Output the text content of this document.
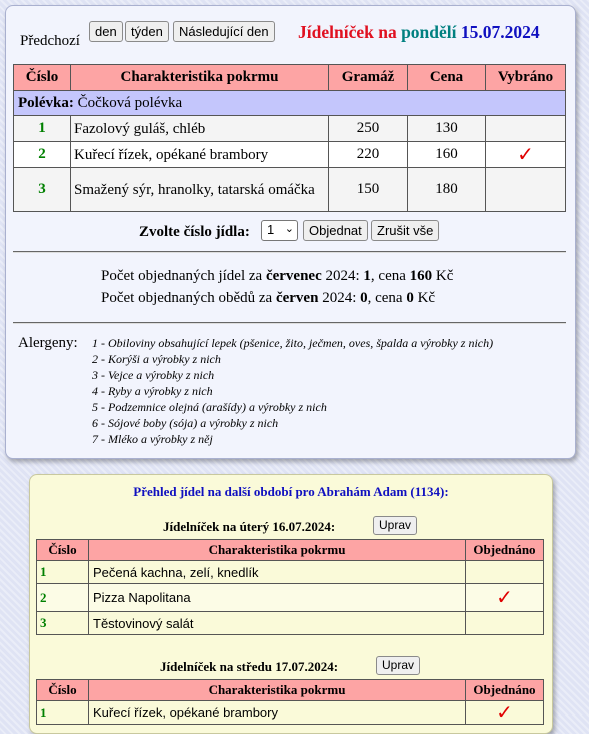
Předchozí
den	týden	Následující den	Jídelníček na pondělí 15.07.2024
Polévka: Čočková polévka				
Číslo	Charakteristika pokrmu	Gramáž	Cena	Vybráno
1	Fazolový guláš, chléb	250	130	
2	Kuřecí řízek, opékané brambory	220	160	✓
3	Smažený sýr, hranolky, tatarská omáčka	150	180	
Zvolte číslo jídla:	1 ⌄	Objednat	Zrušit vše
Počet objednaných jídel za červenec 2024: 1, cena 160 Kč
Počet objednaných obědů za červen 2024: 0, cena 0 Kč
Alergeny: 1 - Obiloviny obsahující lepek (pšenice, žito, ječmen, oves, špalda a výrobky z nich)
2 - Korýši a výrobky z nich
3 - Vejce a výrobky z nich
4 - Ryby a výrobky z nich
5 - Podzemnice olejná (arašídy) a výrobky z nich
6 - Sójové boby (sója) a výrobky z nich
7 - Mléko a výrobky z něj
Přehled jídel na další období pro Abrahám Adam (1134):
Jídelníček na úterý 16.07.2024:	Uprav
Číslo	Charakteristika pokrmu	Objednáno
1	Pečená kachna, zelí, knedlík	
2	Pizza Napolitana	✓
3	Těstovinový salát	
Jídelníček na středu 17.07.2024:	Uprav
Číslo	Charakteristika pokrmu	Objednáno
1	Kuřecí řízek, opékané brambory	✓
